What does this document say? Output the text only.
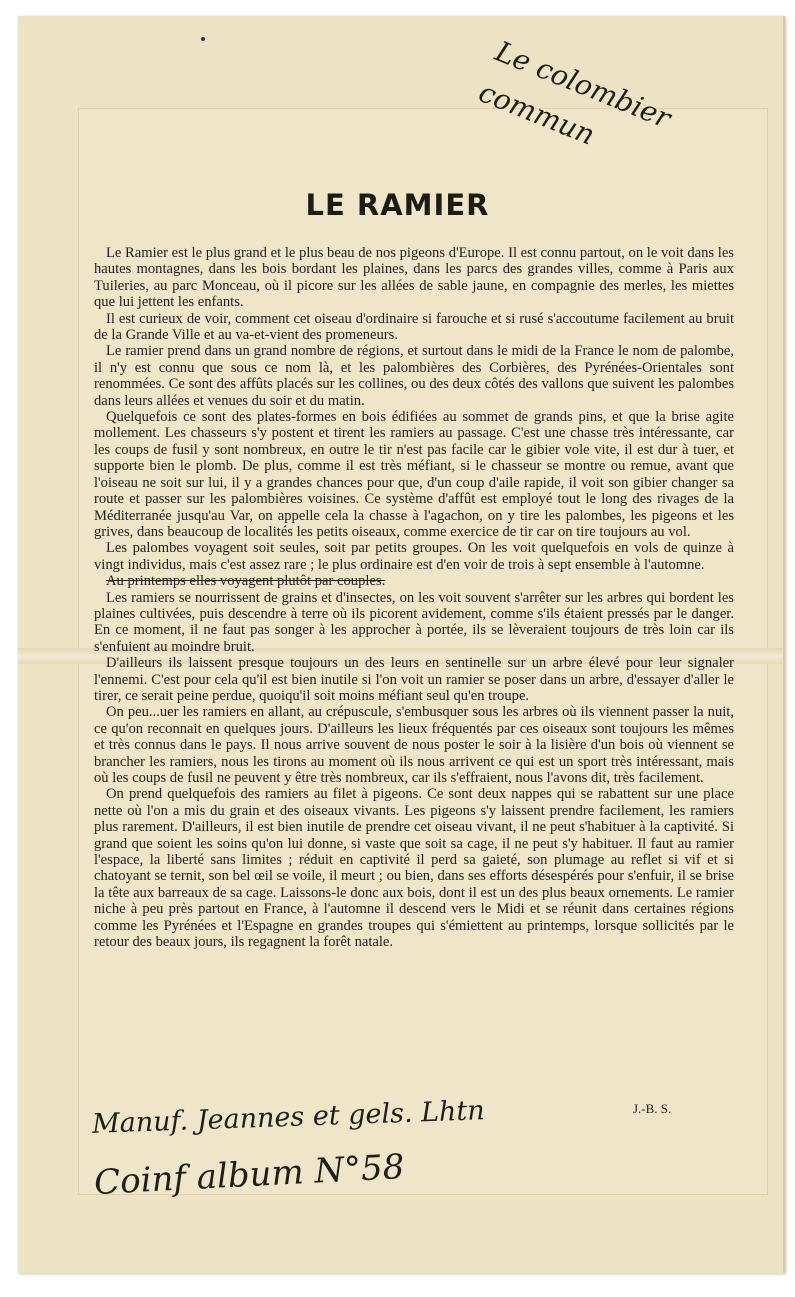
Le colombier commun
LE RAMIER

Le Ramier est le plus grand et le plus beau de nos pigeons d'Europe. Il est connu partout, on le voit dans les hautes montagnes, dans les bois bordant les plaines, dans les parcs des grandes villes, comme à Paris aux Tuileries, au parc Monceau, où il picore sur les allées de sable jaune, en compagnie des merles, les miettes que lui jettent les enfants.

Il est curieux de voir, comment cet oiseau d'ordinaire si farouche et si rusé s'accoutume facilement au bruit de la Grande Ville et au va-et-vient des promeneurs.

Le ramier prend dans un grand nombre de régions, et surtout dans le midi de la France le nom de palombe, il n'y est connu que sous ce nom là, et les palombières des Corbières, des Pyrénées-Orientales sont renommées. Ce sont des affûts placés sur les collines, ou des deux côtés des vallons que suivent les palombes dans leurs allées et venues du soir et du matin.

Quelquefois ce sont des plates-formes en bois édifiées au sommet de grands pins, et que la brise agite mollement. Les chasseurs s'y postent et tirent les ramiers au passage. C'est une chasse très intéressante, car les coups de fusil y sont nombreux, en outre le tir n'est pas facile car le gibier vole vite, il est dur à tuer, et supporte bien le plomb. De plus, comme il est très méfiant, si le chasseur se montre ou remue, avant que l'oiseau ne soit sur lui, il y a grandes chances pour que, d'un coup d'aile rapide, il voit son gibier changer sa route et passer sur les palombières voisines. Ce système d'affût est employé tout le long des rivages de la Méditerranée jusqu'au Var, on appelle cela la chasse à l'agachon, on y tire les palombes, les pigeons et les grives, dans beaucoup de localités les petits oiseaux, comme exercice de tir car on tire toujours au vol.

Les palombes voyagent soit seules, soit par petits groupes. On les voit quelquefois en vols de quinze à vingt individus, mais c'est assez rare ; le plus ordinaire est d'en voir de trois à sept ensemble à l'automne.

Au printemps elles voyagent plutôt par couples.

Les ramiers se nourrissent de grains et d'insectes, on les voit souvent s'arrêter sur les arbres qui bordent les plaines cultivées, puis descendre à terre où ils picorent avidement, comme s'ils étaient pressés par le danger. En ce moment, il ne faut pas songer à les approcher à portée, ils se lèveraient toujours de très loin car ils s'enfuient au moindre bruit.

D'ailleurs ils laissent presque toujours un des leurs en sentinelle sur un arbre élevé pour leur signaler l'ennemi. C'est pour cela qu'il est bien inutile si l'on voit un ramier se poser dans un arbre, d'essayer d'aller le tirer, ce serait peine perdue, quoiqu'il soit moins méfiant seul qu'en troupe.

On peu...uer les ramiers en allant, au crépuscule, s'embusquer sous les arbres où ils viennent passer la nuit, ce qu'on reconnait en quelques jours. D'ailleurs les lieux fréquentés par ces oiseaux sont toujours les mêmes et très connus dans le pays. Il nous arrive souvent de nous poster le soir à la lisière d'un bois où viennent se brancher les ramiers, nous les tirons au moment où ils nous arrivent ce qui est un sport très intéressant, mais où les coups de fusil ne peuvent y être très nombreux, car ils s'effraient, nous l'avons dit, très facilement.

On prend quelquefois des ramiers au filet à pigeons. Ce sont deux nappes qui se rabattent sur une place nette où l'on a mis du grain et des oiseaux vivants. Les pigeons s'y laissent prendre facilement, les ramiers plus rarement. D'ailleurs, il est bien inutile de prendre cet oiseau vivant, il ne peut s'habituer à la captivité. Si grand que soient les soins qu'on lui donne, si vaste que soit sa cage, il ne peut s'y habituer. Il faut au ramier l'espace, la liberté sans limites ; réduit en captivité il perd sa gaieté, son plumage au reflet si vif et si chatoyant se ternit, son bel œil se voile, il meurt ; ou bien, dans ses efforts désespérés pour s'enfuir, il se brise la tête aux barreaux de sa cage. Laissons-le donc aux bois, dont il est un des plus beaux ornements. Le ramier niche à peu près partout en France, à l'automne il descend vers le Midi et se réunit dans certaines régions comme les Pyrénées et l'Espagne en grandes troupes qui s'émiettent au printemps, lorsque sollicités par le retour des beaux jours, ils regagnent la forêt natale.

J.-B. S.
Manuf. Jeannes et gels. Lhtn
Coinf album N°58
